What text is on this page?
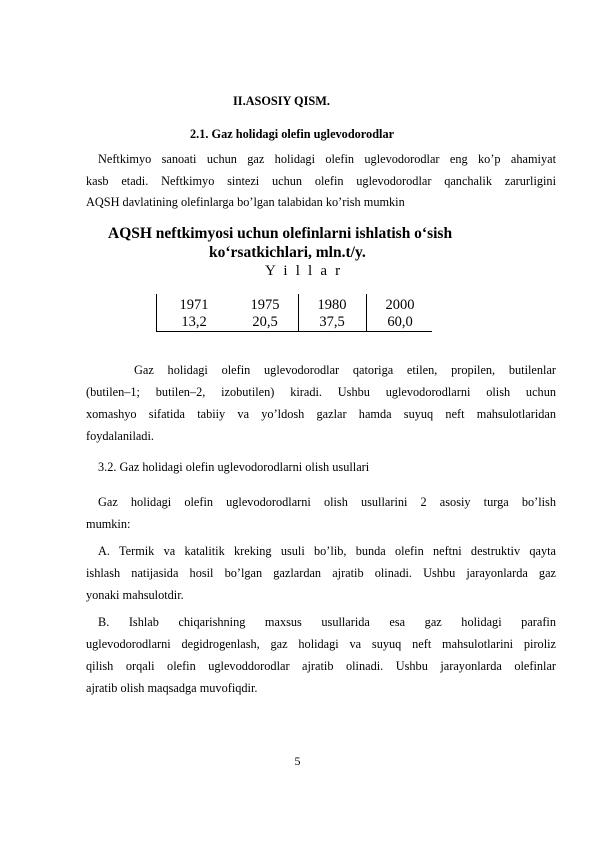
II.ASOSIY QISM.
2.1. Gaz holidagi olefin uglevodorodlar
Neftkimyo sanoati uchun gaz holidagi olefin uglevodorodlar eng ko’p ahamiyat
kasb etadi. Neftkimyo sintezi uchun olefin uglevodorodlar qanchalik zarurligini
AQSH davlatining olefinlarga bo’lgan talabidan ko’rish mumkin
AQSH neftkimyosi uchun olefinlarni ishlatish o‘sish
ko‘rsatkichlari, mln.t/y.
Y i l l a r
1971	1975	1980	2000
13,2	20,5	37,5	60,0
Gaz holidagi olefin uglevodorodlar qatoriga etilen, propilen, butilenlar
(butilen–1; butilen–2, izobutilen) kiradi. Ushbu uglevodorodlarni olish uchun
xomashyo sifatida tabiiy va yo’ldosh gazlar hamda suyuq neft mahsulotlaridan
foydalaniladi.
3.2. Gaz holidagi olefin uglevodorodlarni olish usullari
Gaz holidagi olefin uglevodorodlarni olish usullarini 2 asosiy turga bo’lish
mumkin:
A. Termik va katalitik kreking usuli bo’lib, bunda olefin neftni destruktiv qayta
ishlash natijasida hosil bo’lgan gazlardan ajratib olinadi. Ushbu jarayonlarda gaz
yonaki mahsulotdir.
B. Ishlab chiqarishning maxsus usullarida esa gaz holidagi parafin
uglevodorodlarni degidrogenlash, gaz holidagi va suyuq neft mahsulotlarini piroliz
qilish orqali olefin uglevoddorodlar ajratib olinadi. Ushbu jarayonlarda olefinlar
ajratib olish maqsadga muvofiqdir.
5
